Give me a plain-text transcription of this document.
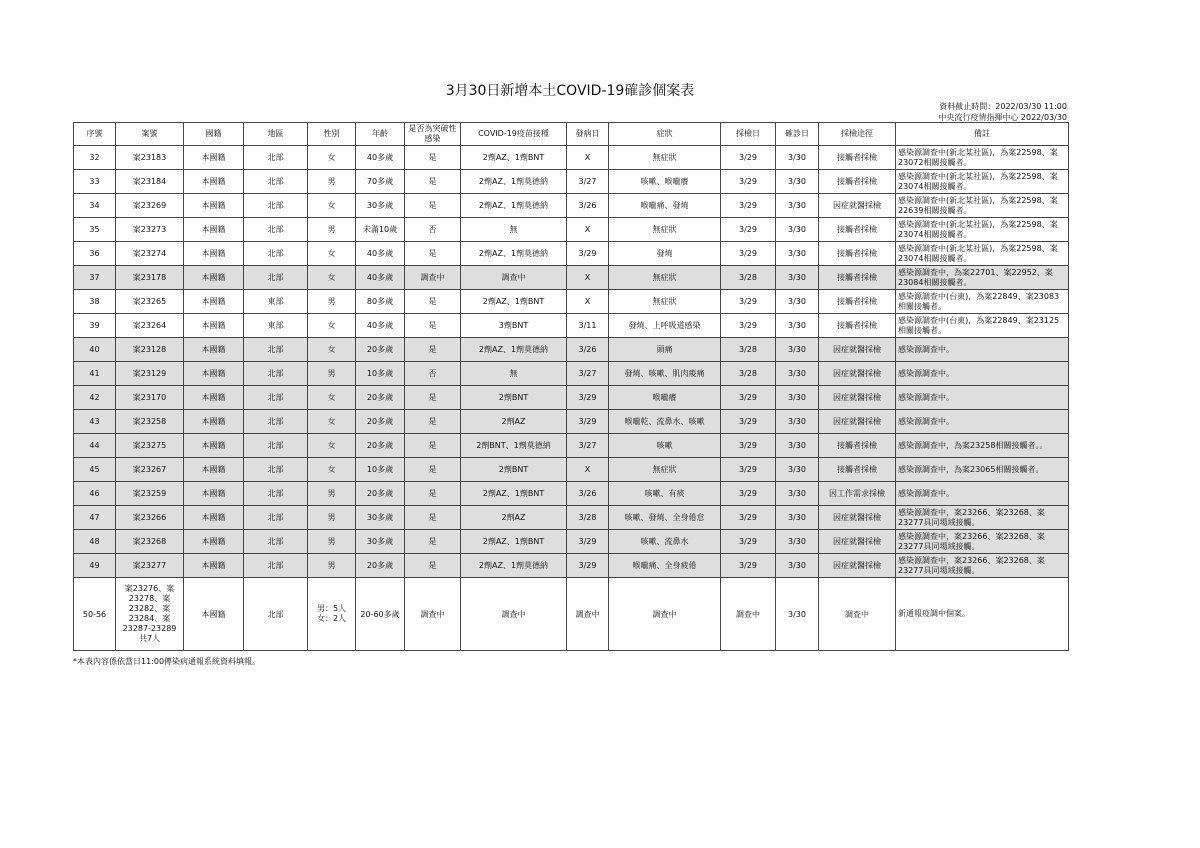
3月30日新增本土COVID-19確診個案表
資料截止時間：2022/03/30 11:00
中央流行疫情指揮中心 2022/03/30
序號	案號	國籍	地區	性別	年齡	是否為突破性感染	COVID-19疫苗接種	發病日	症狀	採檢日	確診日	採檢途徑	備註
32	案23183	本國籍	北部	女	40多歲	是	2劑AZ、1劑BNT	X	無症狀	3/29	3/30	接觸者採檢	感染源調查中(新北某社區)，為案22598、案23072相關接觸者。
33	案23184	本國籍	北部	男	70多歲	是	2劑AZ、1劑莫德納	3/27	咳嗽、喉嚨癢	3/29	3/30	接觸者採檢	感染源調查中(新北某社區)，為案22598、案23074相關接觸者。
34	案23269	本國籍	北部	女	30多歲	是	2劑AZ、1劑莫德納	3/26	喉嚨痛、發燒	3/29	3/30	因症就醫採檢	感染源調查中(新北某社區)，為案22598、案22639相關接觸者。
35	案23273	本國籍	北部	男	未滿10歲	否	無	X	無症狀	3/29	3/30	接觸者採檢	感染源調查中(新北某社區)，為案22598、案23074相關接觸者。
36	案23274	本國籍	北部	女	40多歲	是	2劑AZ、1劑莫德納	3/29	發燒	3/29	3/30	接觸者採檢	感染源調查中(新北某社區)，為案22598、案23074相關接觸者。
37	案23178	本國籍	北部	女	40多歲	調查中	調查中	X	無症狀	3/28	3/30	接觸者採檢	感染源調查中，為案22701、案22952、案23084相關接觸者。
38	案23265	本國籍	東部	男	80多歲	是	2劑AZ、1劑BNT	X	無症狀	3/29	3/30	接觸者採檢	感染源調查中(台東)，為案22849、案23083相關接觸者。
39	案23264	本國籍	東部	女	40多歲	是	3劑BNT	3/11	發燒、上呼吸道感染	3/29	3/30	接觸者採檢	感染源調查中(台東)，為案22849、案23125相關接觸者。
40	案23128	本國籍	北部	女	20多歲	是	2劑AZ、1劑莫德納	3/26	頭痛	3/28	3/30	因症就醫採檢	感染源調查中。
41	案23129	本國籍	北部	男	10多歲	否	無	3/27	發燒、咳嗽、肌肉痠痛	3/28	3/30	因症就醫採檢	感染源調查中。
42	案23170	本國籍	北部	女	20多歲	是	2劑BNT	3/29	喉嚨癢	3/29	3/30	因症就醫採檢	感染源調查中。
43	案23258	本國籍	北部	女	20多歲	是	2劑AZ	3/29	喉嚨乾、流鼻水、咳嗽	3/29	3/30	因症就醫採檢	感染源調查中。
44	案23275	本國籍	北部	女	20多歲	是	2劑BNT、1劑莫德納	3/27	咳嗽	3/29	3/30	接觸者採檢	感染源調查中，為案23258相關接觸者。。
45	案23267	本國籍	北部	女	10多歲	是	2劑BNT	X	無症狀	3/29	3/30	接觸者採檢	感染源調查中，為案23065相關接觸者。
46	案23259	本國籍	北部	男	20多歲	是	2劑AZ、1劑BNT	3/26	咳嗽、有痰	3/29	3/30	因工作需求採檢	感染源調查中。
47	案23266	本國籍	北部	男	30多歲	是	2劑AZ	3/28	咳嗽、發燒、全身倦怠	3/29	3/30	因症就醫採檢	感染源調查中，案23266、案23268、案23277具同場域接觸。
48	案23268	本國籍	北部	男	30多歲	是	2劑AZ、1劑BNT	3/29	咳嗽、流鼻水	3/29	3/30	因症就醫採檢	感染源調查中，案23266、案23268、案23277具同場域接觸。
49	案23277	本國籍	北部	男	20多歲	是	2劑AZ、1劑莫德納	3/29	喉嚨痛、全身疲倦	3/29	3/30	因症就醫採檢	感染源調查中，案23266、案23268、案23277具同場域接觸。
50-56	案23276、案23278、案23282、案23284、案23287-23289 共7人	本國籍	北部	男：5人 女：2人	20-60多歲	調查中	調查中	調查中	調查中	調查中	3/30	調查中	新通報疫調中個案。
*本表內容係依當日11:00傳染病通報系統資料填報。
